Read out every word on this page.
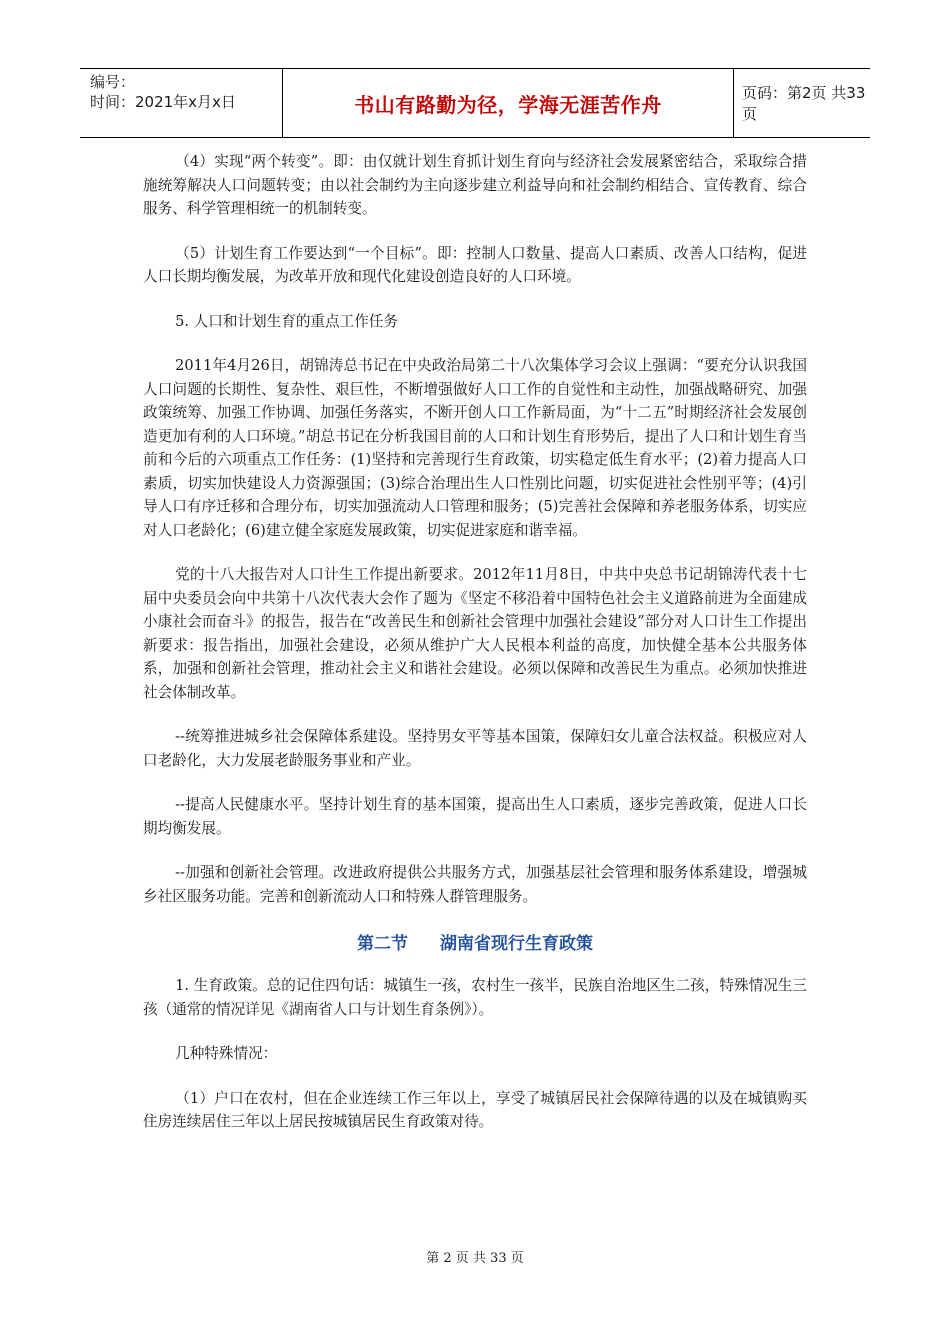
编号：
时间：2021年x月x日	书山有路勤为径，学海无涯苦作舟	页码：第2页 共33页

（4）实现“两个转变”。即：由仅就计划生育抓计划生育向与经济社会发展紧密结合，采取综合措施统筹解决人口问题转变；由以社会制约为主向逐步建立利益导向和社会制约相结合、宣传教育、综合服务、科学管理相统一的机制转变。

（5）计划生育工作要达到“一个目标”。即：控制人口数量、提高人口素质、改善人口结构，促进人口长期均衡发展，为改革开放和现代化建设创造良好的人口环境。

5. 人口和计划生育的重点工作任务

2011年4月26日，胡锦涛总书记在中央政治局第二十八次集体学习会议上强调：“要充分认识我国人口问题的长期性、复杂性、艰巨性，不断增强做好人口工作的自觉性和主动性，加强战略研究、加强政策统筹、加强工作协调、加强任务落实，不断开创人口工作新局面，为“十二五”时期经济社会发展创造更加有利的人口环境。”胡总书记在分析我国目前的人口和计划生育形势后，提出了人口和计划生育当前和今后的六项重点工作任务：(1)坚持和完善现行生育政策，切实稳定低生育水平；(2)着力提高人口素质，切实加快建设人力资源强国；(3)综合治理出生人口性别比问题，切实促进社会性别平等；(4)引导人口有序迁移和合理分布，切实加强流动人口管理和服务；(5)完善社会保障和养老服务体系，切实应对人口老龄化；(6)建立健全家庭发展政策，切实促进家庭和谐幸福。

党的十八大报告对人口计生工作提出新要求。2012年11月8日，中共中央总书记胡锦涛代表十七届中央委员会向中共第十八次代表大会作了题为《坚定不移沿着中国特色社会主义道路前进为全面建成小康社会而奋斗》的报告，报告在“改善民生和创新社会管理中加强社会建设”部分对人口计生工作提出新要求：报告指出，加强社会建设，必须从维护广大人民根本利益的高度，加快健全基本公共服务体系，加强和创新社会管理，推动社会主义和谐社会建设。必须以保障和改善民生为重点。必须加快推进社会体制改革。

--统筹推进城乡社会保障体系建设。坚持男女平等基本国策，保障妇女儿童合法权益。积极应对人口老龄化，大力发展老龄服务事业和产业。

--提高人民健康水平。坚持计划生育的基本国策，提高出生人口素质，逐步完善政策，促进人口长期均衡发展。

--加强和创新社会管理。改进政府提供公共服务方式，加强基层社会管理和服务体系建设，增强城乡社区服务功能。完善和创新流动人口和特殊人群管理服务。

第二节 湖南省现行生育政策

1. 生育政策。总的记住四句话：城镇生一孩，农村生一孩半，民族自治地区生二孩，特殊情况生三孩（通常的情况详见《湖南省人口与计划生育条例》）。

几种特殊情况：

（1）户口在农村，但在企业连续工作三年以上，享受了城镇居民社会保障待遇的以及在城镇购买住房连续居住三年以上居民按城镇居民生育政策对待。

第 2 页 共 33 页
